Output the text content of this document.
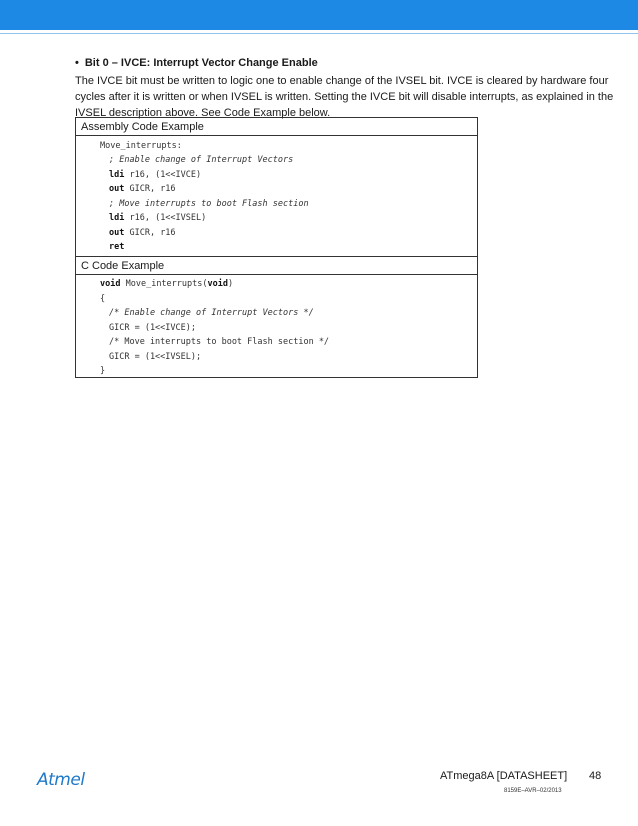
• Bit 0 – IVCE: Interrupt Vector Change Enable
The IVCE bit must be written to logic one to enable change of the IVSEL bit. IVCE is cleared by hardware four
cycles after it is written or when IVSEL is written. Setting the IVCE bit will disable interrupts, as explained in the
IVSEL description above. See Code Example below.
Assembly Code Example
Move_interrupts:
; Enable change of Interrupt Vectors
ldi r16, (1<<IVCE)
out GICR, r16
; Move interrupts to boot Flash section
ldi r16, (1<<IVSEL)
out GICR, r16
ret
C Code Example
void Move_interrupts(void)
{
/* Enable change of Interrupt Vectors */
GICR = (1<<IVCE);
/* Move interrupts to boot Flash section */
GICR = (1<<IVSEL);
}
Atmel	ATmega8A [DATASHEET] 48
8159E–AVR–02/2013
